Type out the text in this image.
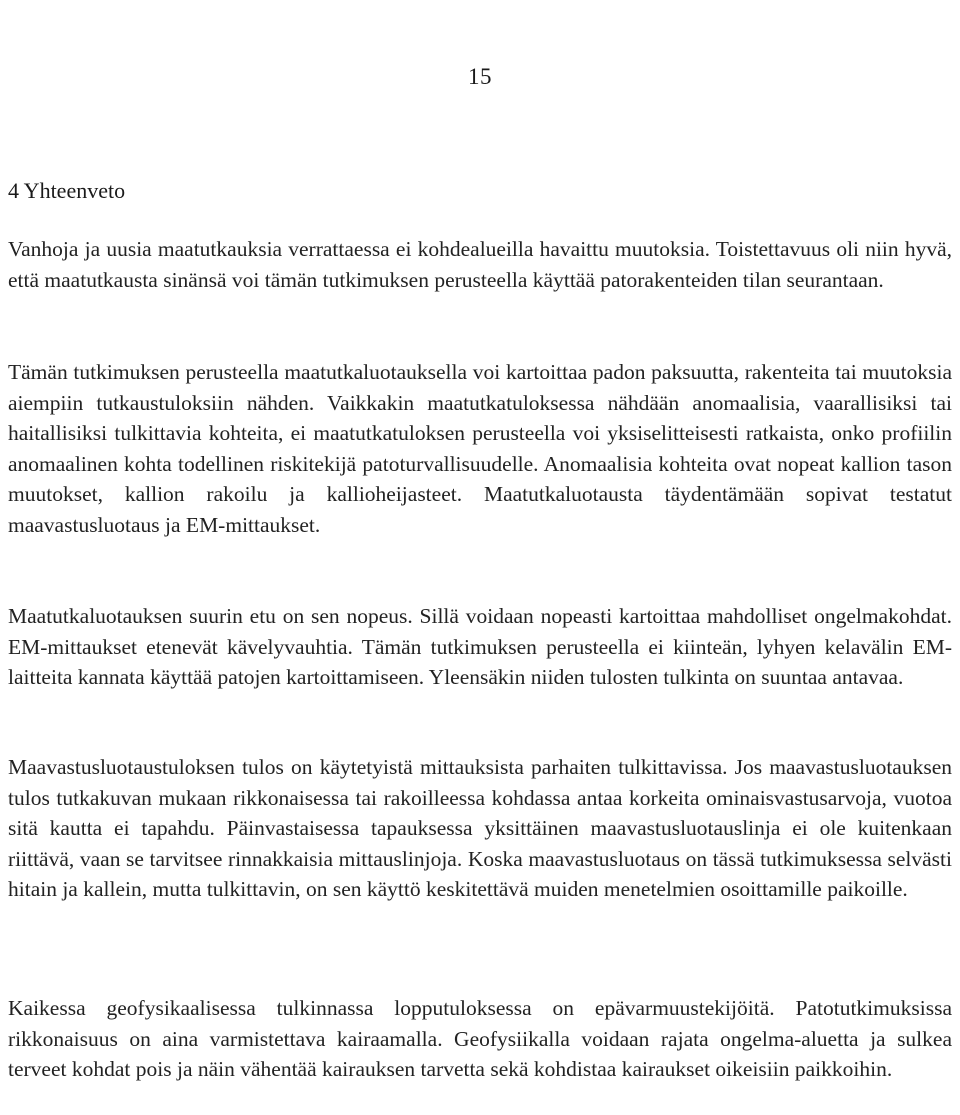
15
4 Yhteenveto

Vanhoja ja uusia maatutkauksia verrattaessa ei kohdealueilla havaittu muutoksia. Toistettavuus oli niin hyvä, että maatutkausta sinänsä voi tämän tutkimuksen perusteella käyttää patorakenteiden tilan seurantaan.

Tämän tutkimuksen perusteella maatutkaluotauksella voi kartoittaa padon paksuutta, rakenteita tai muutoksia aiempiin tutkaustuloksiin nähden. Vaikkakin maatutkatuloksessa nähdään anomaalisia, vaarallisiksi tai haitallisiksi tulkittavia kohteita, ei maatutkatuloksen perusteella voi yksiselitteisesti ratkaista, onko profiilin anomaalinen kohta todellinen riskitekijä patoturvallisuudelle. Anomaalisia kohteita ovat nopeat kallion tason muutokset, kallion rakoilu ja kallioheijasteet. Maatutkaluotausta täydentämään sopivat testatut maavastusluotaus ja EM-mittaukset.

Maatutkaluotauksen suurin etu on sen nopeus. Sillä voidaan nopeasti kartoittaa mahdolliset ongelmakohdat. EM-mittaukset etenevät kävelyvauhtia. Tämän tutkimuksen perusteella ei kiinteän, lyhyen kelavälin EM-laitteita kannata käyttää patojen kartoittamiseen. Yleensäkin niiden tulosten tulkinta on suuntaa antavaa.

Maavastusluotaustuloksen tulos on käytetyistä mittauksista parhaiten tulkittavissa. Jos maavastusluotauksen tulos tutkakuvan mukaan rikkonaisessa tai rakoilleessa kohdassa antaa korkeita ominaisvastusarvoja, vuotoa sitä kautta ei tapahdu. Päinvastaisessa tapauksessa yksittäinen maavastusluotauslinja ei ole kuitenkaan riittävä, vaan se tarvitsee rinnakkaisia mittauslinjoja. Koska maavastusluotaus on tässä tutkimuksessa selvästi hitain ja kallein, mutta tulkittavin, on sen käyttö keskitettävä muiden menetelmien osoittamille paikoille.

Kaikessa geofysikaalisessa tulkinnassa lopputuloksessa on epävarmuustekijöitä. Patotutkimuksissa rikkonaisuus on aina varmistettava kairaamalla. Geofysiikalla voidaan rajata ongelma-aluetta ja sulkea terveet kohdat pois ja näin vähentää kairauksen tarvetta sekä kohdistaa kairaukset oikeisiin paikkoihin.
